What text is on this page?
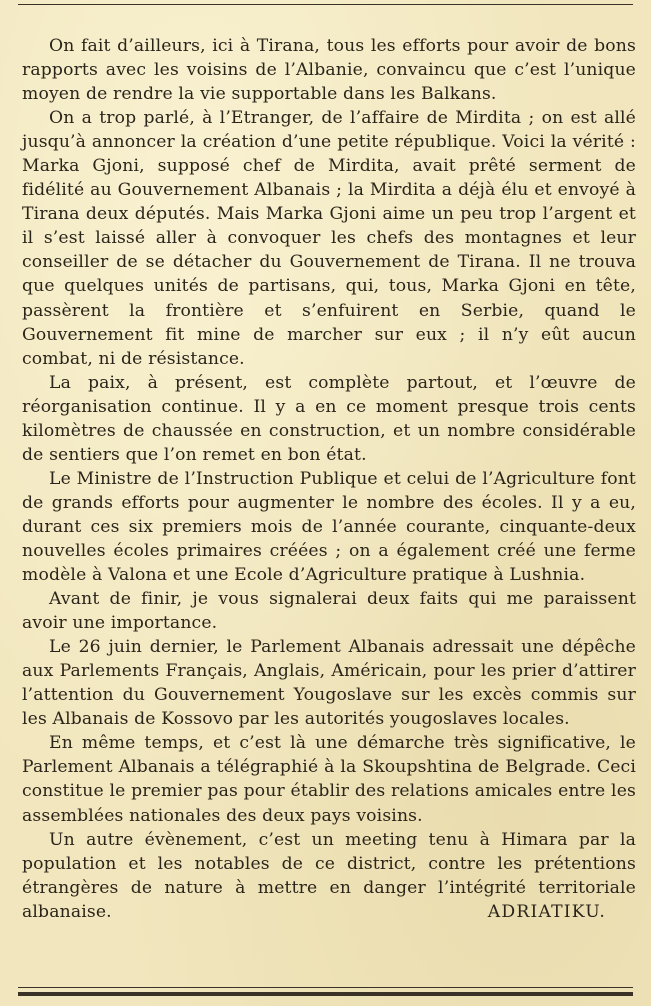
On fait d’ailleurs, ici à Tirana, tous les efforts pour avoir de bons rapports avec les voisins de l’Albanie, convaincu que c’est l’unique moyen de rendre la vie supportable dans les Balkans.

On a trop parlé, à l’Etranger, de l’affaire de Mirdita ; on est allé jusqu’à annoncer la création d’une petite république. Voici la vérité : Marka Gjoni, supposé chef de Mirdita, avait prêté serment de fidélité au Gouvernement Albanais ; la Mirdita a déjà élu et envoyé à Tirana deux députés. Mais Marka Gjoni aime un peu trop l’argent et il s’est laissé aller à convoquer les chefs des montagnes et leur conseiller de se détacher du Gouvernement de Tirana. Il ne trouva que quelques unités de partisans, qui, tous, Marka Gjoni en tête, passèrent la frontière et s’enfuirent en Serbie, quand le Gouvernement fit mine de marcher sur eux ; il n’y eût aucun combat, ni de résistance.

La paix, à présent, est complète partout, et l’œuvre de réorganisation continue. Il y a en ce moment presque trois cents kilomètres de chaussée en construction, et un nombre considérable de sentiers que l’on remet en bon état.

Le Ministre de l’Instruction Publique et celui de l’Agriculture font de grands efforts pour augmenter le nombre des écoles. Il y a eu, durant ces six premiers mois de l’année courante, cinquante-deux nouvelles écoles primaires créées ; on a également créé une ferme modèle à Valona et une Ecole d’Agriculture pratique à Lushnia.

Avant de finir, je vous signalerai deux faits qui me paraissent avoir une importance.

Le 26 juin dernier, le Parlement Albanais adressait une dépêche aux Parlements Français, Anglais, Américain, pour les prier d’attirer l’attention du Gouvernement Yougoslave sur les excès commis sur les Albanais de Kossovo par les autorités yougoslaves locales.

En même temps, et c’est là une démarche très significative, le Parlement Albanais a télégraphié à la Skoupshtina de Belgrade. Ceci constitue le premier pas pour établir des relations amicales entre les assemblées nationales des deux pays voisins.

Un autre évènement, c’est un meeting tenu à Himara par la population et les notables de ce district, contre les prétentions étrangères de nature à mettre en danger l’intégrité territoriale albanaise.	ADRIATIKU.
